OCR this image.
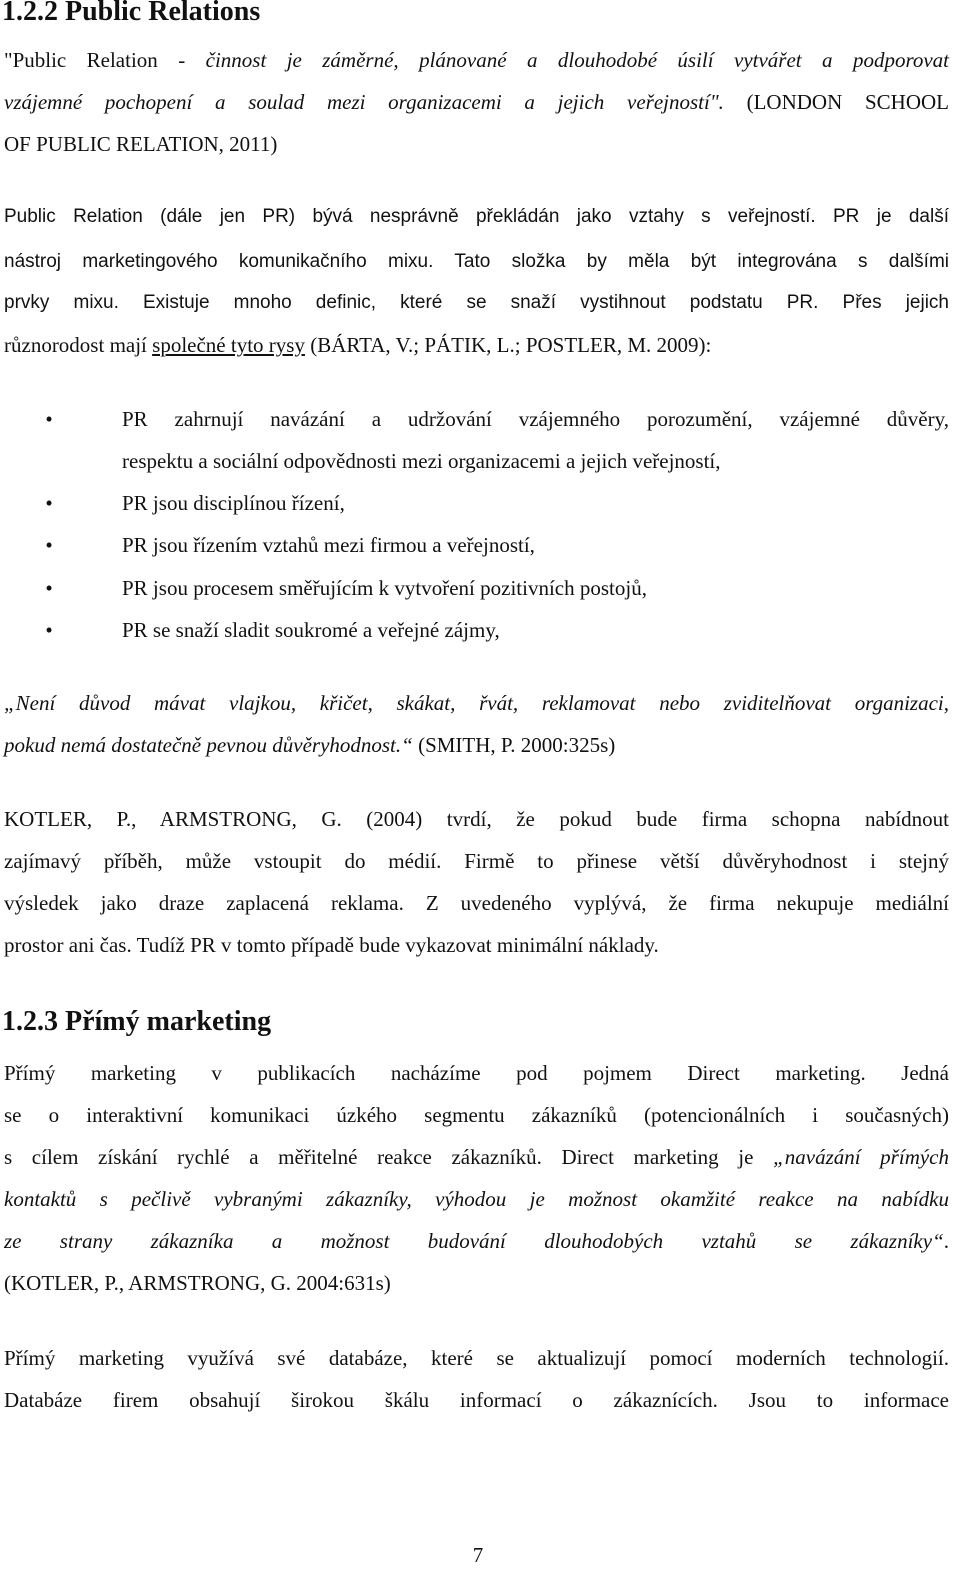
1.2.2 Public Relations

"Public Relation - činnost je záměrné, plánované a dlouhodobé úsilí vytvářet a podporovat

vzájemné pochopení a soulad mezi organizacemi a jejich veřejností". (LONDON SCHOOL

OF PUBLIC RELATION, 2011)

Public Relation (dále jen PR) bývá nesprávně překládán jako vztahy s veřejností. PR je další

nástroj marketingového komunikačního mixu. Tato složka by měla být integrována s dalšími

prvky mixu. Existuje mnoho definic, které se snaží vystihnout podstatu PR. Přes jejich

různorodost mají společné tyto rysy (BÁRTA, V.; PÁTIK, L.; POSTLER, M. 2009):

•	PR zahrnují navázání a udržování vzájemného porozumění, vzájemné důvěry,

respektu a sociální odpovědnosti mezi organizacemi a jejich veřejností,

•	PR jsou disciplínou řízení,

•	PR jsou řízením vztahů mezi firmou a veřejností,

•	PR jsou procesem směřujícím k vytvoření pozitivních postojů,

•	PR se snaží sladit soukromé a veřejné zájmy,

„Není důvod mávat vlajkou, křičet, skákat, řvát, reklamovat nebo zviditelňovat organizaci,

pokud nemá dostatečně pevnou důvěryhodnost.“ (SMITH, P. 2000:325s)

KOTLER, P., ARMSTRONG, G. (2004) tvrdí, že pokud bude firma schopna nabídnout

zajímavý příběh, může vstoupit do médií. Firmě to přinese větší důvěryhodnost i stejný

výsledek jako draze zaplacená reklama. Z uvedeného vyplývá, že firma nekupuje mediální

prostor ani čas. Tudíž PR v tomto případě bude vykazovat minimální náklady.

1.2.3 Přímý marketing

Přímý marketing v publikacích nacházíme pod pojmem Direct marketing. Jedná

se o interaktivní komunikaci úzkého segmentu zákazníků (potencionálních i současných)

s cílem získání rychlé a měřitelné reakce zákazníků. Direct marketing je „navázání přímých

kontaktů s pečlivě vybranými zákazníky, výhodou je možnost okamžité reakce na nabídku

ze strany zákazníka a možnost budování dlouhodobých vztahů se zákazníky“.

(KOTLER, P., ARMSTRONG, G. 2004:631s)

Přímý marketing využívá své databáze, které se aktualizují pomocí moderních technologií.

Databáze firem obsahují širokou škálu informací o zákaznících. Jsou to informace

7
